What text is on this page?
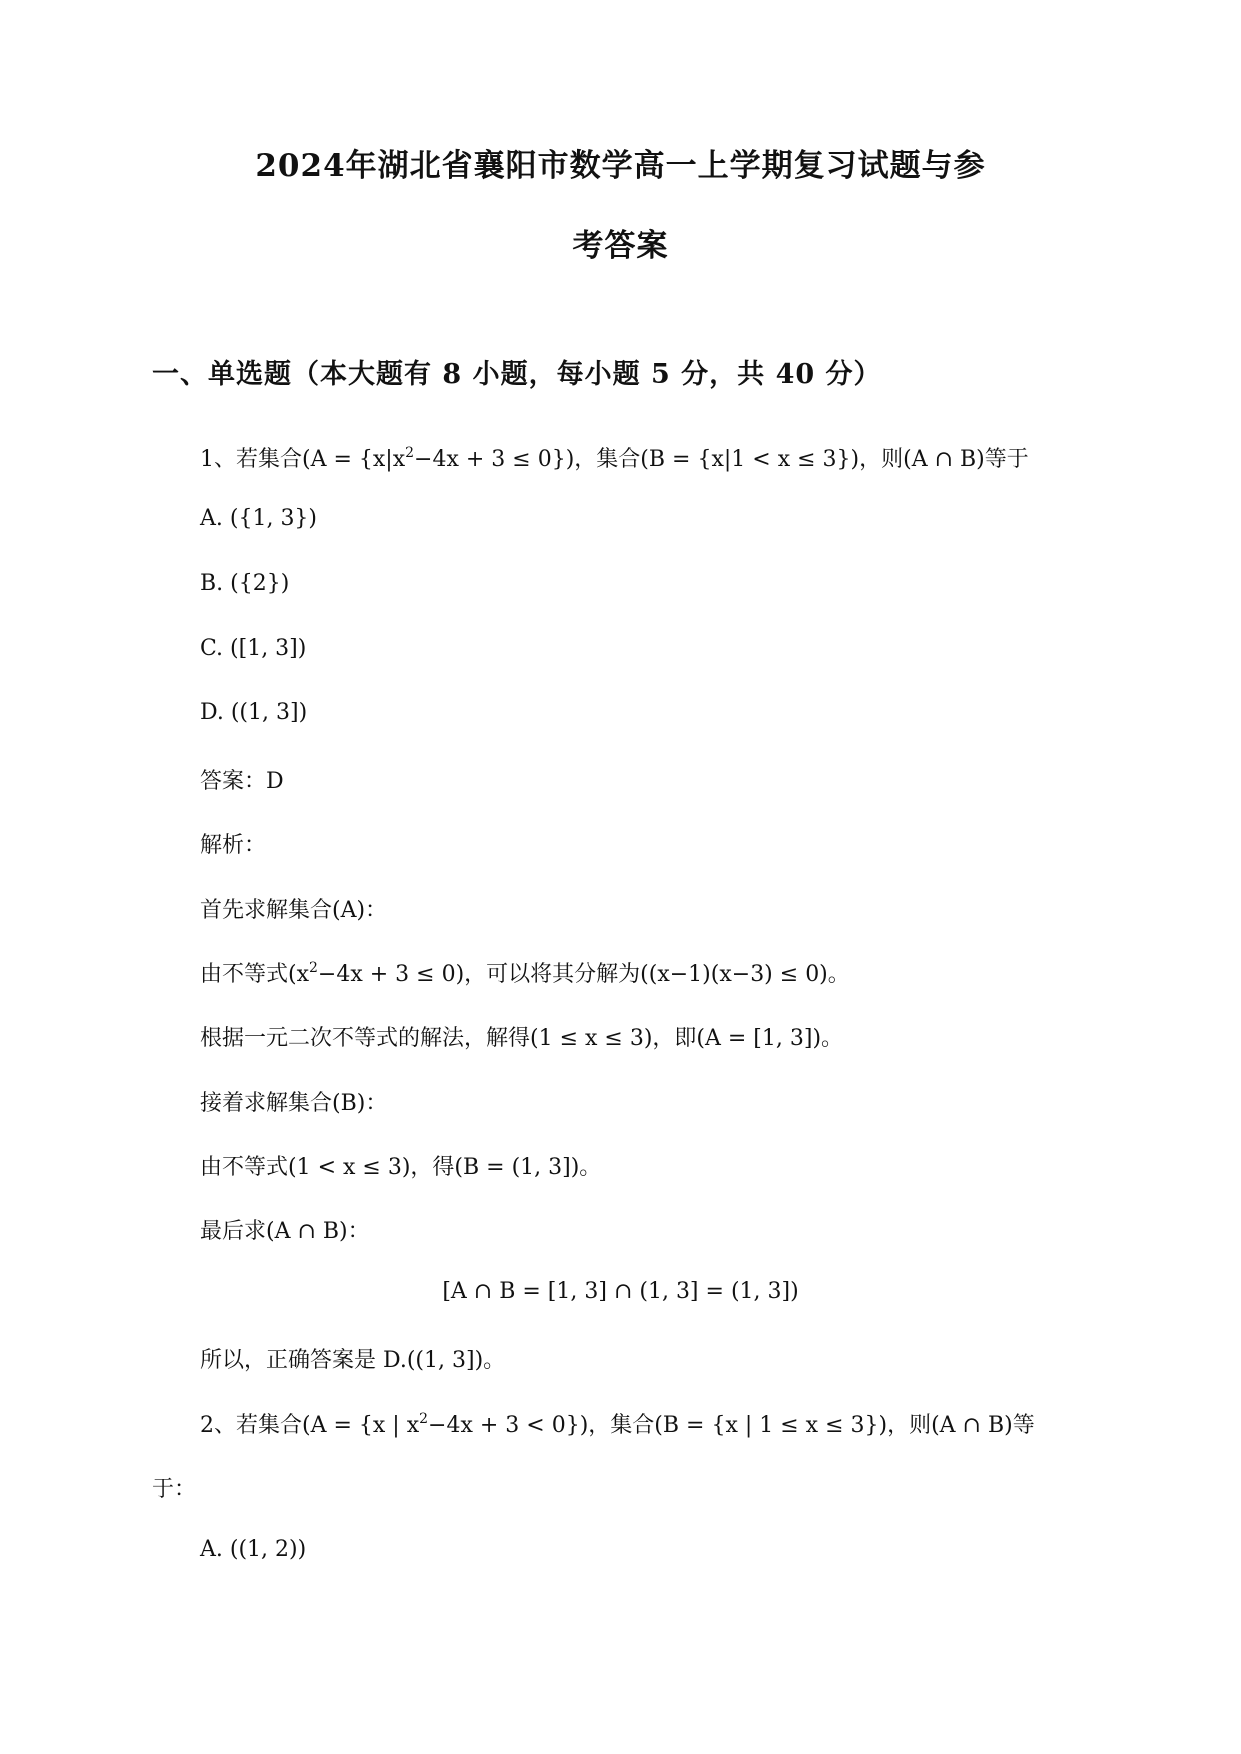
2024年湖北省襄阳市数学高一上学期复习试题与参
考答案
一、单选题（本大题有 8 小题，每小题 5 分，共 40 分）
1、若集合$(A = \{x|x^2-4x + 3 \le 0\})$，集合(B = {x|1 < x ≤ 3})，则(A ∩ B)等于
A. ({1, 3})
B. ({2})
C. ([1, 3])
D. ((1, 3])
答案：D
解析：
首先求解集合(A)：
由不等式$(x^2-4x + 3 \le 0)$，可以将其分解为((x−1)(x−3) ≤ 0)。
根据一元二次不等式的解法，解得(1 ≤ x ≤ 3)，即(A = [1, 3])。
接着求解集合(B)：
由不等式(1 < x ≤ 3)，得(B = (1, 3])。
最后求(A ∩ B)：
[A ∩ B = [1, 3] ∩ (1, 3] = (1, 3])
所以，正确答案是 D.((1, 3])。
2、若集合(A = {x | $x^2-4x + 3 < 0$})，集合(B = {x | 1 ≤ x ≤ 3})，则(A ∩ B)等
于：
A. ((1, 2))
